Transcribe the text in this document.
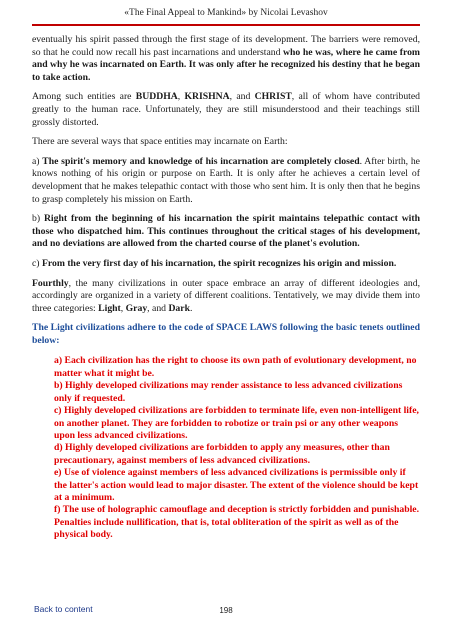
«The Final Appeal to Mankind» by Nicolai Levashov

eventually his spirit passed through the first stage of its development. The barriers were removed, so that he could now recall his past incarnations and understand who he was, where he came from and why he was incarnated on Earth. It was only after he recognized his destiny that he began to take action.

Among such entities are BUDDHA, KRISHNA, and CHRIST, all of whom have contributed greatly to the human race. Unfortunately, they are still misunderstood and their teachings still grossly distorted.

There are several ways that space entities may incarnate on Earth:

a) The spirit's memory and knowledge of his incarnation are completely closed. After birth, he knows nothing of his origin or purpose on Earth. It is only after he achieves a certain level of development that he makes telepathic contact with those who sent him. It is only then that he begins to grasp completely his mission on Earth.

b) Right from the beginning of his incarnation the spirit maintains telepathic contact with those who dispatched him. This continues throughout the critical stages of his development, and no deviations are allowed from the charted course of the planet's evolution.

c) From the very first day of his incarnation, the spirit recognizes his origin and mission.

Fourthly, the many civilizations in outer space embrace an array of different ideologies and, accordingly are organized in a variety of different coalitions. Tentatively, we may divide them into three categories: Light, Gray, and Dark.

The Light civilizations adhere to the code of SPACE LAWS following the basic tenets outlined below:

a) Each civilization has the right to choose its own path of evolutionary development, no matter what it might be.
b) Highly developed civilizations may render assistance to less advanced civilizations only if requested.
c) Highly developed civilizations are forbidden to terminate life, even non-intelligent life, on another planet. They are forbidden to robotize or train psi or any other weapons upon less advanced civilizations.
d) Highly developed civilizations are forbidden to apply any measures, other than precautionary, against members of less advanced civilizations.
e) Use of violence against members of less advanced civilizations is permissible only if the latter's action would lead to major disaster. The extent of the violence should be kept at a minimum.
f) The use of holographic camouflage and deception is strictly forbidden and punishable. Penalties include nullification, that is, total obliteration of the spirit as well as of the physical body.
Back to content	198
